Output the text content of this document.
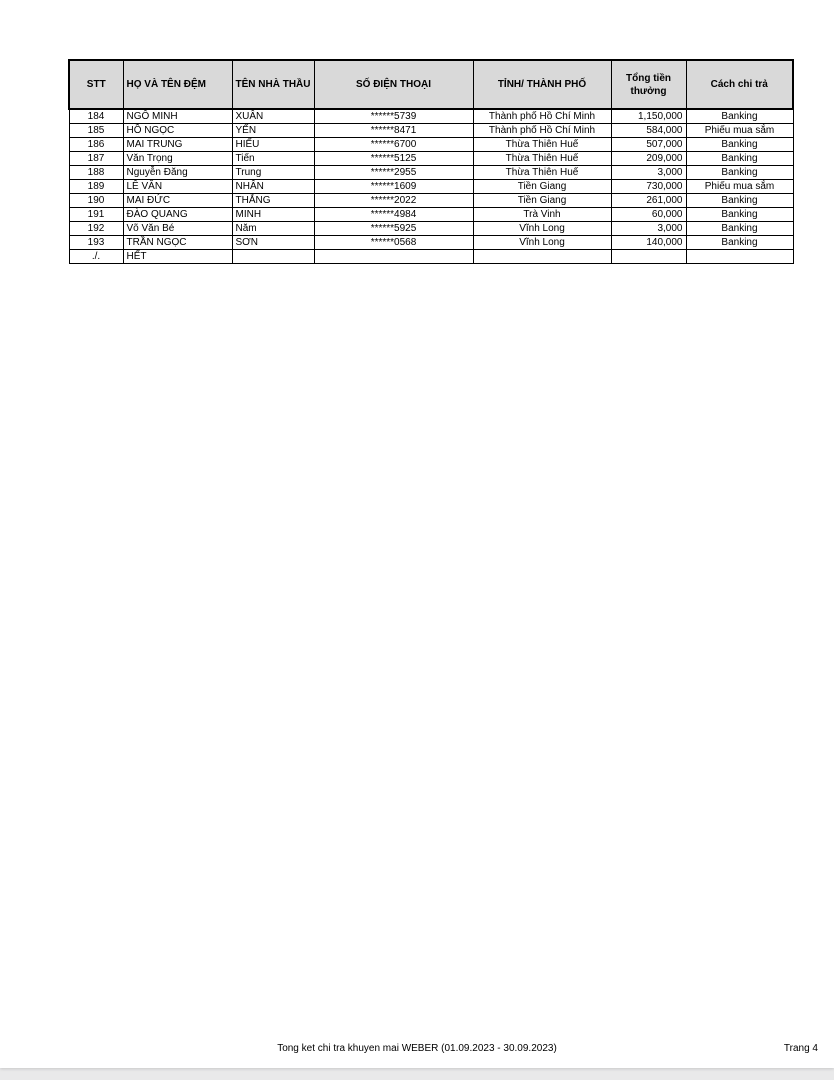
STT	HỌ VÀ TÊN ĐỆM	TÊN NHÀ THẦU	SỐ ĐIỆN THOẠI	TỈNH/ THÀNH PHỐ	Tổng tiền thưởng	Cách chi trả
184	NGÔ MINH	XUÂN	******5739	Thành phố Hồ Chí Minh	1,150,000	Banking
185	HỒ NGỌC	YẾN	******8471	Thành phố Hồ Chí Minh	584,000	Phiếu mua sắm
186	MAI TRUNG	HIẾU	******6700	Thừa Thiên Huế	507,000	Banking
187	Văn Trọng	Tiến	******5125	Thừa Thiên Huế	209,000	Banking
188	Nguyễn Đăng	Trung	******2955	Thừa Thiên Huế	3,000	Banking
189	LÊ VĂN	NHÂN	******1609	Tiền Giang	730,000	Phiếu mua sắm
190	MAI ĐỨC	THẮNG	******2022	Tiền Giang	261,000	Banking
191	ĐÀO QUANG	MINH	******4984	Trà Vinh	60,000	Banking
192	Võ Văn Bé	Năm	******5925	Vĩnh Long	3,000	Banking
193	TRẦN NGỌC	SƠN	******0568	Vĩnh Long	140,000	Banking
./.	HẾT					
Tong ket chi tra khuyen mai WEBER (01.09.2023 - 30.09.2023)	Trang 4
